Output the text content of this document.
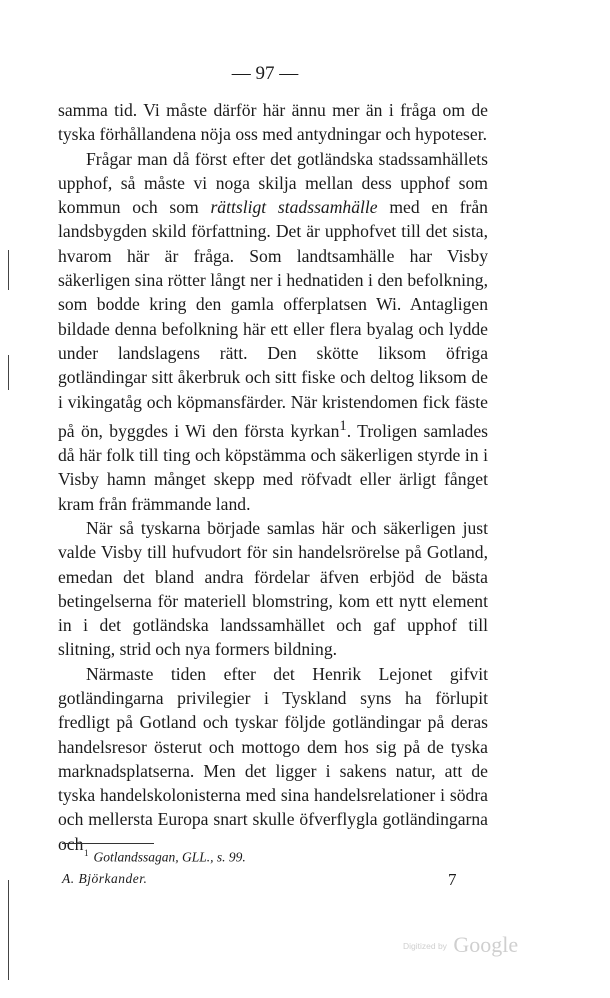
— 97 —

samma tid. Vi måste därför här ännu mer än i fråga om de tyska förhållandena nöja oss med antydningar och hypoteser.

Frågar man då först efter det gotländska stadssamhällets upphof, så måste vi noga skilja mellan dess upphof som kommun och som rättsligt stadssamhälle med en från landsbygden skild författning. Det är upphofvet till det sista, hvarom här är fråga. Som landtsamhälle har Visby säkerligen sina rötter långt ner i hednatiden i den befolkning, som bodde kring den gamla offerplatsen Wi. Antagligen bildade denna befolkning här ett eller flera byalag och lydde under landslagens rätt. Den skötte liksom öfriga gotländingar sitt åkerbruk och sitt fiske och deltog liksom de i vikingatåg och köpmansfärder. När kristendomen fick fäste på ön, byggdes i Wi den första kyrkan$^1$. Troligen samlades då här folk till ting och köpstämma och säkerligen styrde in i Visby hamn månget skepp med röfvadt eller ärligt fånget kram från främmande land.

När så tyskarna började samlas här och säkerligen just valde Visby till hufvudort för sin handelsrörelse på Gotland, emedan det bland andra fördelar äfven erbjöd de bästa betingelserna för materiell blomstring, kom ett nytt element in i det gotländska landssamhället och gaf upphof till slitning, strid och nya formers bildning.

Närmaste tiden efter det Henrik Lejonet gifvit gotländingarna privilegier i Tyskland syns ha förlupit fredligt på Gotland och tyskar följde gotländingar på deras handelsresor österut och mottogo dem hos sig på de tyska marknadsplatserna. Men det ligger i sakens natur, att de tyska handelskolonisterna med sina handelsrelationer i södra och mellersta Europa snart skulle öfverflygla gotländingarna och $^1$ Gotlandssagan, GLL., s. 99.
A. Björkander.	7
Digitized by Google
